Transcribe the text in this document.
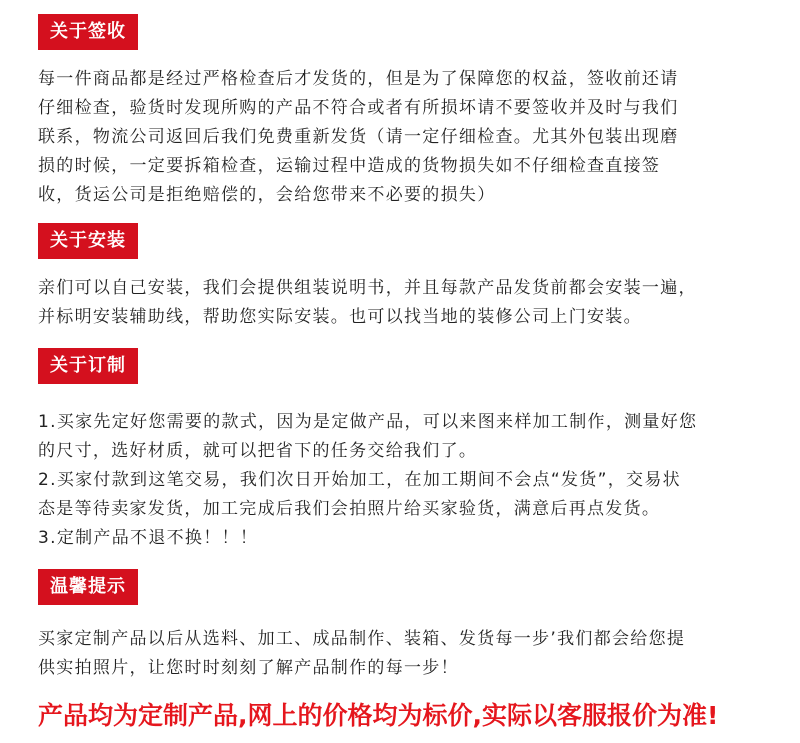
关于签收
每一件商品都是经过严格检查后才发货的，但是为了保障您的权益，签收前还请
仔细检查，验货时发现所购的产品不符合或者有所损坏请不要签收并及时与我们
联系，物流公司返回后我们免费重新发货（请一定仔细检查。尤其外包装出现磨
损的时候，一定要拆箱检查，运输过程中造成的货物损失如不仔细检查直接签
收，货运公司是拒绝赔偿的，会给您带来不必要的损失）
关于安装
亲们可以自己安装，我们会提供组装说明书，并且每款产品发货前都会安装一遍，
并标明安装辅助线，帮助您实际安装。也可以找当地的装修公司上门安装。
关于订制
1.买家先定好您需要的款式，因为是定做产品，可以来图来样加工制作，测量好您
的尺寸，选好材质，就可以把省下的任务交给我们了。
2.买家付款到这笔交易，我们次日开始加工，在加工期间不会点“发货”，交易状
态是等待卖家发货，加工完成后我们会拍照片给买家验货，满意后再点发货。
3.定制产品不退不换！！！
温馨提示
买家定制产品以后从选料、加工、成品制作、装箱、发货每一步’我们都会给您提
供实拍照片，让您时时刻刻了解产品制作的每一步！
产品均为定制产品,网上的价格均为标价,实际以客服报价为准!
